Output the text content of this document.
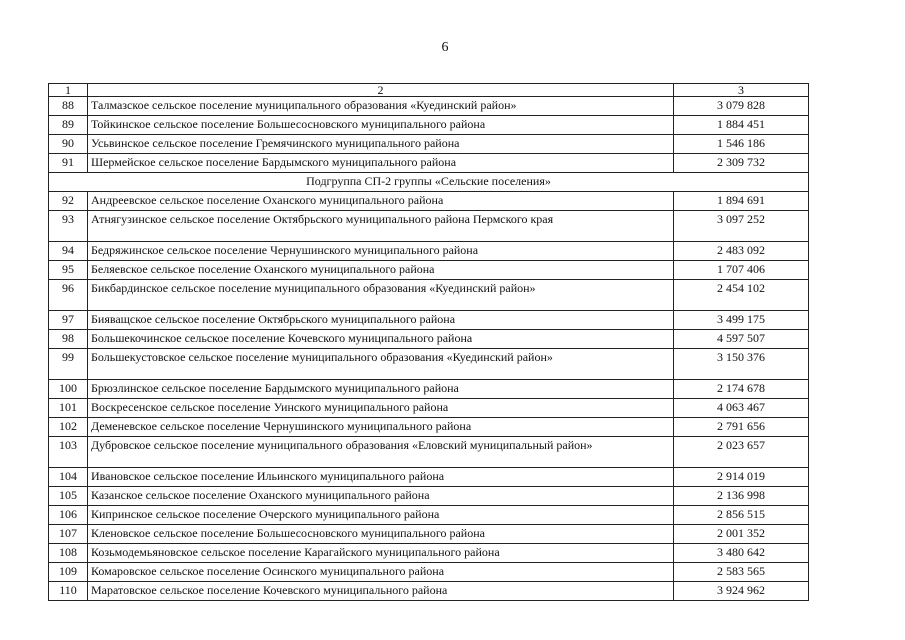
6
1	2	3
88	Талмазское сельское поселение муниципального образования «Куединский район»	3 079 828
89	Тойкинское сельское поселение Большесосновского муниципального района	1 884 451
90	Усьвинское сельское поселение Гремячинского муниципального района	1 546 186
91	Шермейское сельское поселение Бардымского муниципального района	2 309 732
Подгруппа СП-2 группы «Сельские поселения»		
92	Андреевское сельское поселение Оханского муниципального района	1 894 691
93	Атнягузинское сельское поселение Октябрьского муниципального района Пермского края	3 097 252
94	Бедряжинское сельское поселение Чернушинского муниципального района	2 483 092
95	Беляевское сельское поселение Оханского муниципального района	1 707 406
96	Бикбардинское сельское поселение муниципального образования «Куединский район»	2 454 102
97	Бияващское сельское поселение Октябрьского муниципального района	3 499 175
98	Большекочинское сельское поселение Кочевского муниципального района	4 597 507
99	Большекустовское сельское поселение муниципального образования «Куединский район»	3 150 376
100	Брюзлинское сельское поселение Бардымского муниципального района	2 174 678
101	Воскресенское сельское поселение Уинского муниципального района	4 063 467
102	Деменевское сельское поселение Чернушинского муниципального района	2 791 656
103	Дубровское сельское поселение муниципального образования «Еловский муниципальный район»	2 023 657
104	Ивановское сельское поселение Ильинского муниципального района	2 914 019
105	Казанское сельское поселение Оханского муниципального района	2 136 998
106	Кипринское сельское поселение Очерского муниципального района	2 856 515
107	Кленовское сельское поселение Большесосновского муниципального района	2 001 352
108	Козьмодемьяновское сельское поселение Карагайского муниципального района	3 480 642
109	Комаровское сельское поселение Осинского муниципального района	2 583 565
110	Маратовское сельское поселение Кочевского муниципального района	3 924 962
